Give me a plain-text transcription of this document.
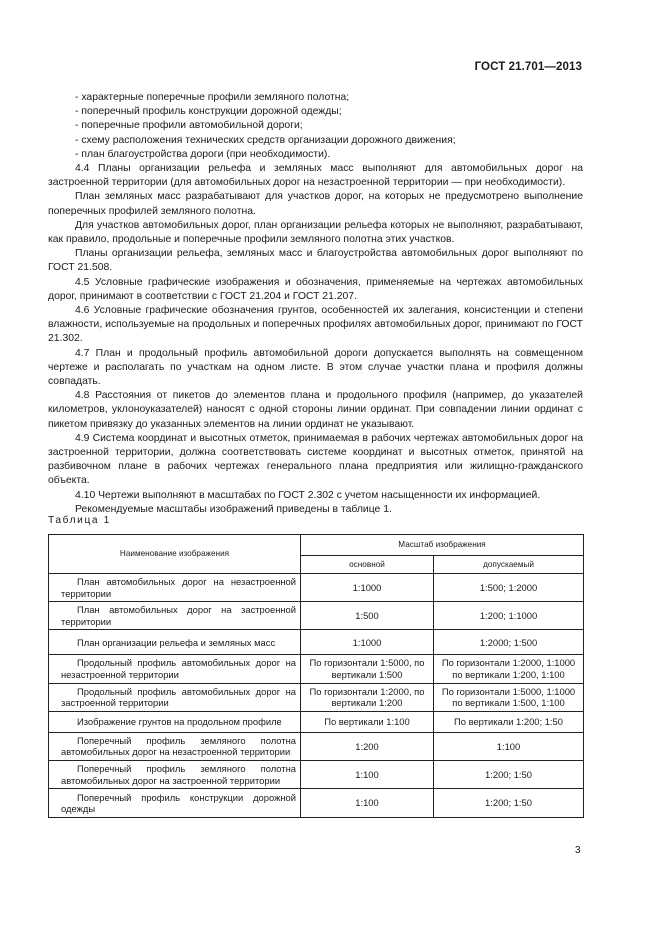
ГОСТ 21.701—2013

- характерные поперечные профили земляного полотна;

- поперечный профиль конструкции дорожной одежды;

- поперечные профили автомобильной дороги;

- схему расположения технических средств организации дорожного движения;

- план благоустройства дороги (при необходимости).

4.4 Планы организации рельефа и земляных масс выполняют для автомобильных дорог на застроенной территории (для автомобильных дорог на незастроенной территории — при необходимости).

План земляных масс разрабатывают для участков дорог, на которых не предусмотрено выполнение поперечных профилей земляного полотна.

Для участков автомобильных дорог, план организации рельефа которых не выполняют, разрабатывают, как правило, продольные и поперечные профили земляного полотна этих участков.

Планы организации рельефа, земляных масс и благоустройства автомобильных дорог выполняют по ГОСТ 21.508.

4.5 Условные графические изображения и обозначения, применяемые на чертежах автомобильных дорог, принимают в соответствии с ГОСТ 21.204 и ГОСТ 21.207.

4.6 Условные графические обозначения грунтов, особенностей их залегания, консистенции и степени влажности, используемые на продольных и поперечных профилях автомобильных дорог, принимают по ГОСТ 21.302.

4.7 План и продольный профиль автомобильной дороги допускается выполнять на совмещенном чертеже и располагать по участкам на одном листе. В этом случае участки плана и профиля должны совпадать.

4.8 Расстояния от пикетов до элементов плана и продольного профиля (например, до указателей километров, уклоноуказателей) наносят с одной стороны линии ординат. При совпадении линии ординат с пикетом привязку до указанных элементов на линии ординат не указывают.

4.9 Система координат и высотных отметок, принимаемая в рабочих чертежах автомобильных дорог на застроенной территории, должна соответствовать системе координат и высотных отметок, принятой на разбивочном плане в рабочих чертежах генерального плана предприятия или жилищно-гражданского объекта.

4.10 Чертежи выполняют в масштабах по ГОСТ 2.302 с учетом насыщенности их информацией.

Рекомендуемые масштабы изображений приведены в таблице 1.

Таблица 1
Наименование изображения	Масштаб изображения	
	основной	допускаемый
План автомобильных дорог на незастроенной территории	1:1000	1:500; 1:2000
План автомобильных дорог на застроенной территории	1:500	1:200; 1:1000
План организации рельефа и земляных масс	1:1000	1:2000; 1:500
Продольный профиль автомобильных дорог на незастроенной территории	По горизонтали 1:5000, по вертикали 1:500	По горизонтали 1:2000, 1:1000 по вертикали 1:200, 1:100
Продольный профиль автомобильных дорог на застроенной территории	По горизонтали 1:2000, по вертикали 1:200	По горизонтали 1:5000, 1:1000 по вертикали 1:500, 1:100
Изображение грунтов на продольном профиле	По вертикали 1:100	По вертикали 1:200; 1:50
Поперечный профиль земляного полотна автомобильных дорог на незастроенной территории	1:200	1:100
Поперечный профиль земляного полотна автомобильных дорог на застроенной территории	1:100	1:200; 1:50
Поперечный профиль конструкции дорожной одежды	1:100	1:200; 1:50
3
